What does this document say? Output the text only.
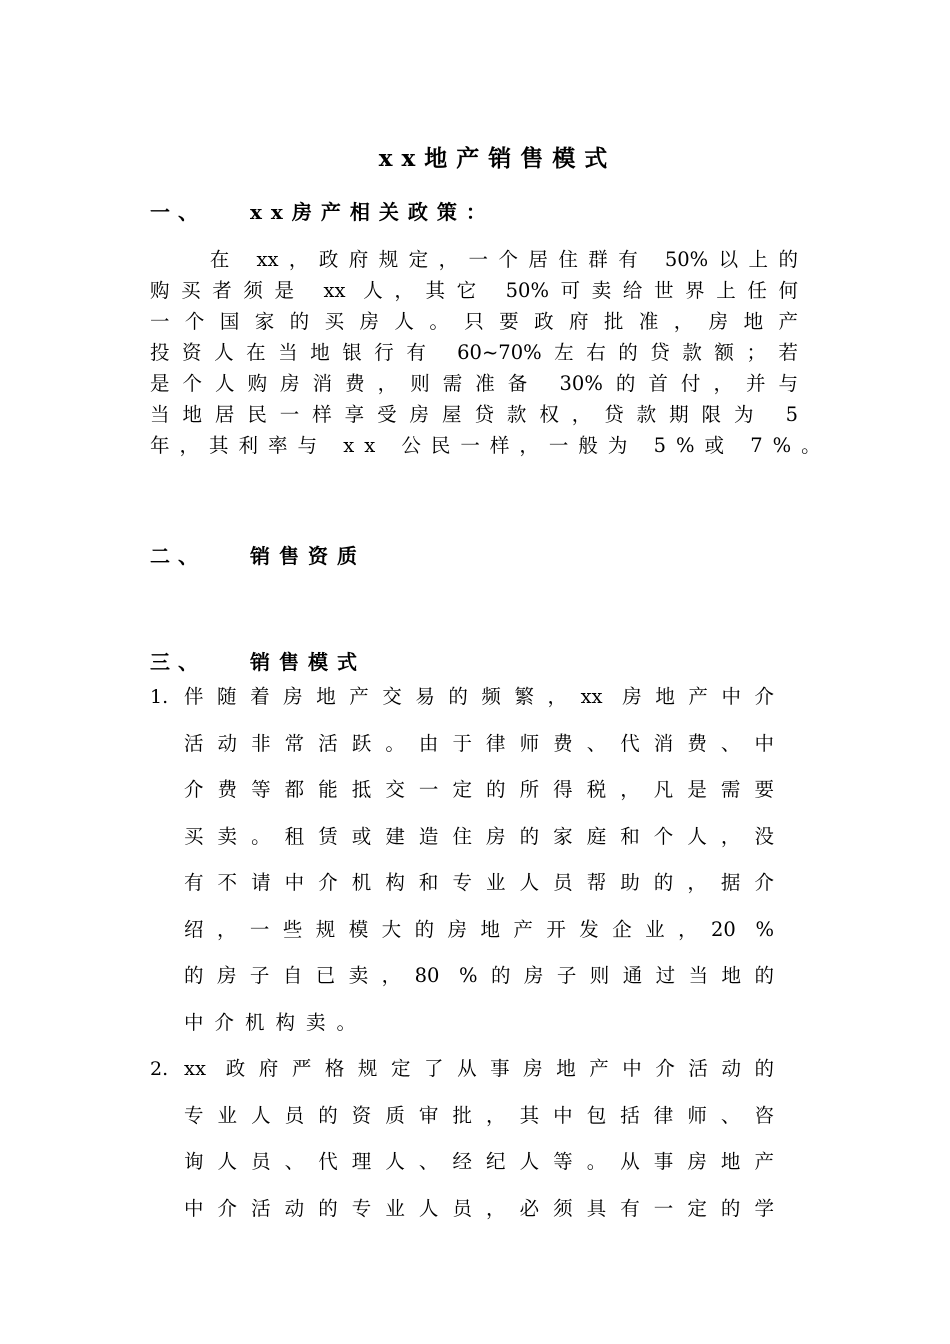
xx地产销售模式
一、 xx房产相关政策：
　　在 xx，政府规定，一个居住群有 50%以上的
购买者须是 xx 人，其它 50%可卖给世界上任何
一个国家的买房人。只要政府批准，房地产
投资人在当地银行有 60~70%左右的贷款额；若
是个人购房消费，则需准备 30%的首付，并与
当地居民一样享受房屋贷款权，贷款期限为 5
年，其利率与 xx 公民一样，一般为 5%或 7%。
二、 销售资质
三、 销售模式
1. 伴随着房地产交易的频繁，xx 房地产中介
活动非常活跃。由于律师费、代消费、中
介费等都能抵交一定的所得税，凡是需要
买卖。租赁或建造住房的家庭和个人，没
有不请中介机构和专业人员帮助的，据介
绍，一些规模大的房地产开发企业，20 %
的房子自已卖，80 %的房子则通过当地的
中介机构卖。
2. xx 政府严格规定了从事房地产中介活动的
专业人员的资质审批，其中包括律师、咨
询人员、代理人、经纪人等。从事房地产
中介活动的专业人员，必须具有一定的学
